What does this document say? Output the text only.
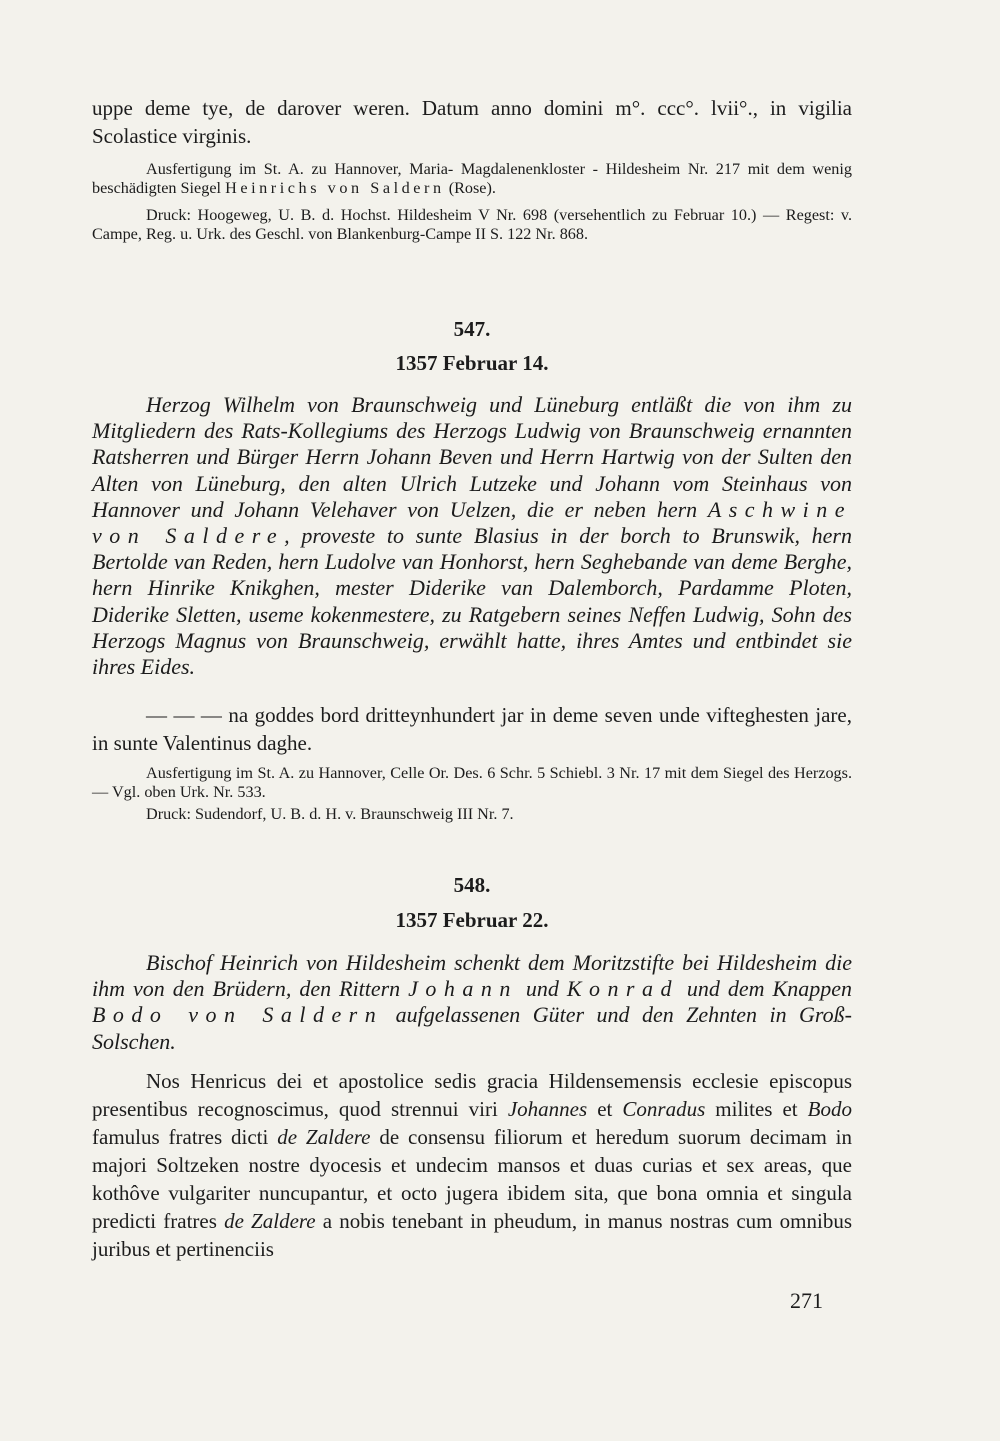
uppe deme tye, de darover weren. Datum anno domini m°. ccc°. lvii°., in vigilia Scolastice virginis.

Ausfertigung im St. A. zu Hannover, Maria- Magdalenenkloster - Hildesheim Nr. 217 mit dem wenig beschädigten Siegel Heinrichs von Saldern (Rose).

Druck: Hoogeweg, U. B. d. Hochst. Hildesheim V Nr. 698 (versehentlich zu Februar 10.) — Regest: v. Campe, Reg. u. Urk. des Geschl. von Blankenburg-Campe II S. 122 Nr. 868.

547.
1357 Februar 14.

Herzog Wilhelm von Braunschweig und Lüneburg entläßt die von ihm zu Mitgliedern des Rats-Kollegiums des Herzogs Ludwig von Braunschweig ernannten Ratsherren und Bürger Herrn Johann Beven und Herrn Hartwig von der Sulten den Alten von Lüneburg, den alten Ulrich Lutzeke und Johann vom Steinhaus von Hannover und Johann Velehaver von Uelzen, die er neben hern Aschwine von Saldere, proveste to sunte Blasius in der borch to Brunswik, hern Bertolde van Reden, hern Ludolve van Honhorst, hern Seghebande van deme Berghe, hern Hinrike Knikghen, mester Diderike van Dalemborch, Pardamme Ploten, Diderike Sletten, useme kokenmestere, zu Ratgebern seines Neffen Ludwig, Sohn des Herzogs Magnus von Braunschweig, erwählt hatte, ihres Amtes und entbindet sie ihres Eides.

— — — na goddes bord dritteynhundert jar in deme seven unde vifteghesten jare, in sunte Valentinus daghe.

Ausfertigung im St. A. zu Hannover, Celle Or. Des. 6 Schr. 5 Schiebl. 3 Nr. 17 mit dem Siegel des Herzogs. — Vgl. oben Urk. Nr. 533.

Druck: Sudendorf, U. B. d. H. v. Braunschweig III Nr. 7.

548.
1357 Februar 22.

Bischof Heinrich von Hildesheim schenkt dem Moritzstifte bei Hildesheim die ihm von den Brüdern, den Rittern Johann und Konrad und dem Knappen Bodo von Saldern aufgelassenen Güter und den Zehnten in Groß-Solschen.

Nos Henricus dei et apostolice sedis gracia Hildensemensis ecclesie episcopus presentibus recognoscimus, quod strennui viri Johannes et Conradus milites et Bodo famulus fratres dicti de Zaldere de consensu filiorum et heredum suorum decimam in majori Soltzeken nostre dyocesis et undecim mansos et duas curias et sex areas, que kothôve vulgariter nuncupantur, et octo jugera ibidem sita, que bona omnia et singula predicti fratres de Zaldere a nobis tenebant in pheudum, in manus nostras cum omnibus juribus et pertinenciis

271
